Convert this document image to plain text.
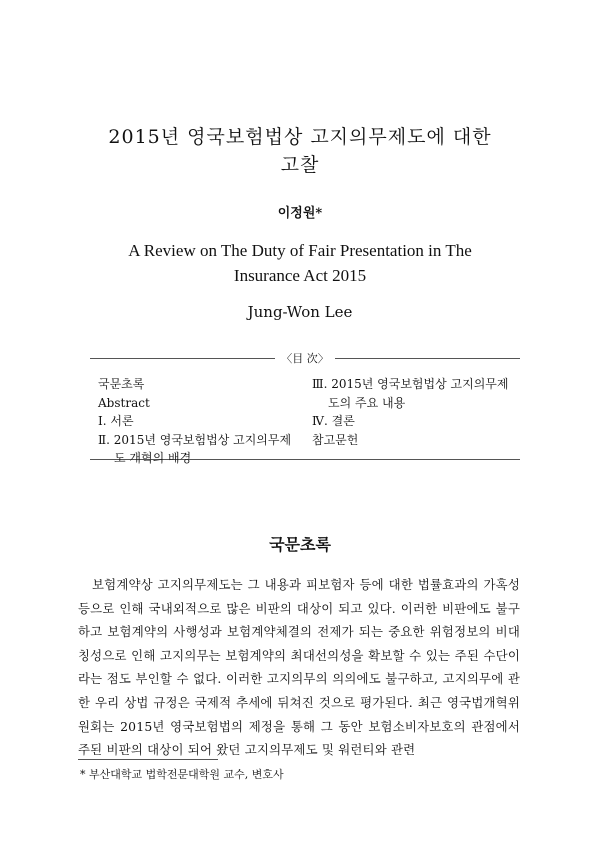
2015년 영국보험법상 고지의무제도에 대한
고찰
이정원*
A Review on The Duty of Fair Presentation in The
Insurance Act 2015
Jung-Won Lee
〈目 次〉
국문초록
Abstract
Ⅰ. 서론
Ⅱ. 2015년 영국보험법상 고지의무제
도 개혁의 배경
Ⅲ. 2015년 영국보험법상 고지의무제
도의 주요 내용
Ⅳ. 결론
참고문헌
국문초록
보험계약상 고지의무제도는 그 내용과 피보험자 등에 대한 법률효과의 가혹성 등으로 인해 국내외적으로 많은 비판의 대상이 되고 있다. 이러한 비판에도 불구하고 보험계약의 사행성과 보험계약체결의 전제가 되는 중요한 위험정보의 비대칭성으로 인해 고지의무는 보험계약의 최대선의성을 확보할 수 있는 주된 수단이라는 점도 부인할 수 없다. 이러한 고지의무의 의의에도 불구하고, 고지의무에 관한 우리 상법 규정은 국제적 추세에 뒤쳐진 것으로 평가된다. 최근 영국법개혁위원회는 2015년 영국보험법의 제정을 통해 그 동안 보험소비자보호의 관점에서 주된 비판의 대상이 되어 왔던 고지의무제도 및 워런티와 관련
* 부산대학교 법학전문대학원 교수, 변호사
